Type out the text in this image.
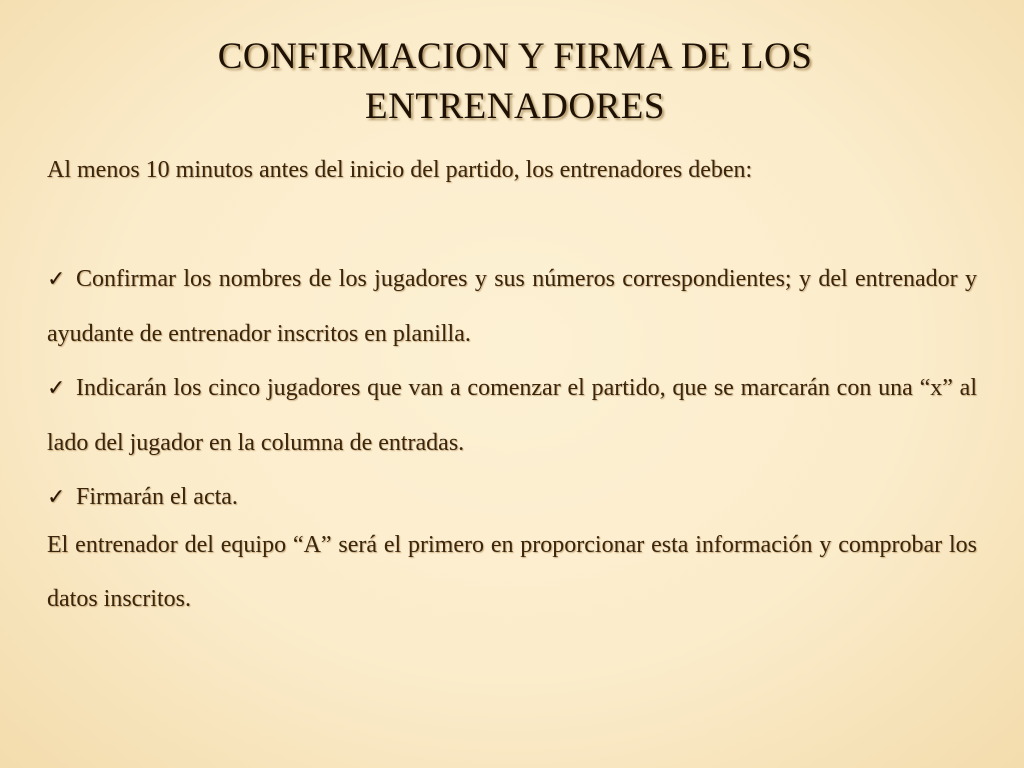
CONFIRMACION Y FIRMA DE LOS
ENTRENADORES
Al menos 10 minutos antes del inicio del partido, los entrenadores deben:
✓ Confirmar los nombres de los jugadores y sus números correspondientes; y del entrenador y ayudante de entrenador inscritos en planilla.
✓ Indicarán los cinco jugadores que van a comenzar el partido, que se marcarán con una “x” al lado del jugador en la columna de entradas.
✓ Firmarán el acta.
El entrenador del equipo “A” será el primero en proporcionar esta información y comprobar los datos inscritos.
